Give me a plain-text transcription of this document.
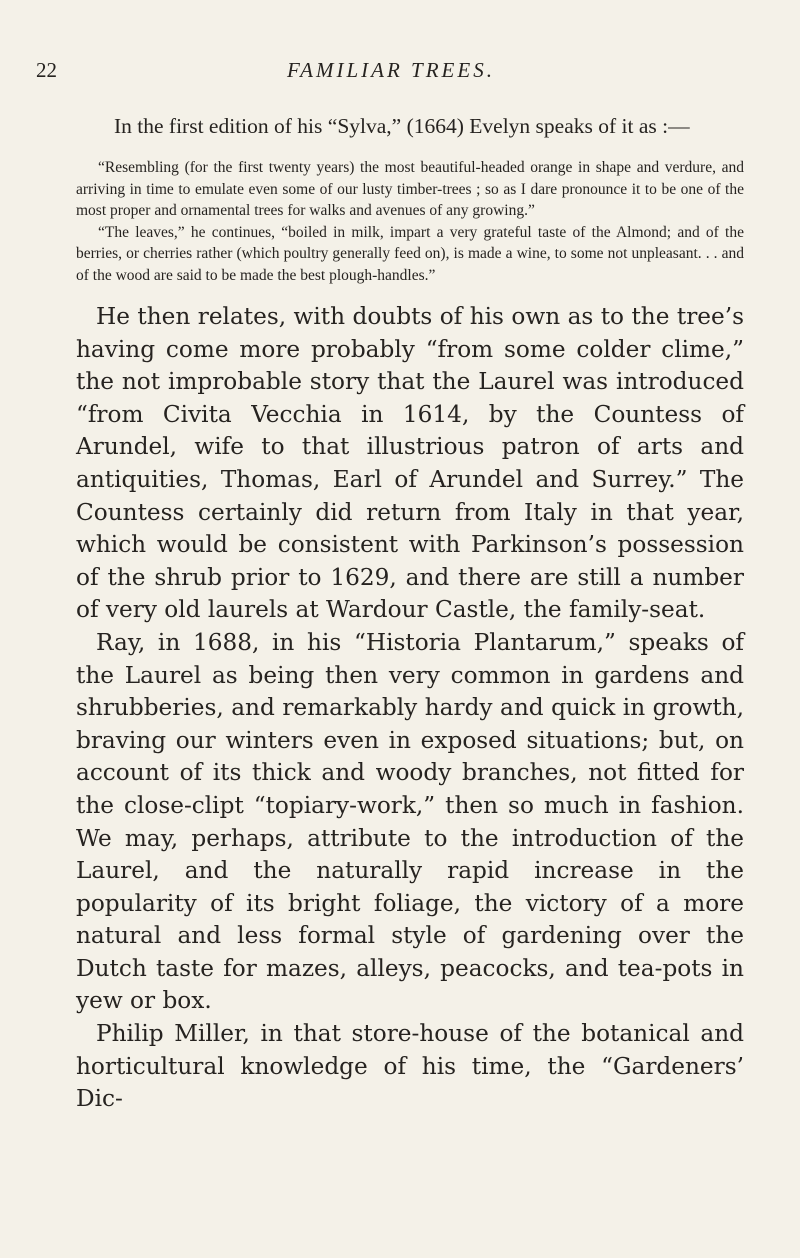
22	FAMILIAR TREES.

In the first edition of his “Sylva,” (1664) Evelyn speaks of it as :—

“Resembling (for the first twenty years) the most beautiful-headed orange in shape and verdure, and arriving in time to emulate even some of our lusty timber-trees ; so as I dare pronounce it to be one of the most proper and ornamental trees for walks and avenues of any growing.”

“The leaves,” he continues, “boiled in milk, impart a very grateful taste of the Almond; and of the berries, or cherries rather (which poultry generally feed on), is made a wine, to some not unpleasant. . . and of the wood are said to be made the best plough-handles.”

He then relates, with doubts of his own as to the tree’s having come more probably “from some colder clime,” the not improbable story that the Laurel was introduced “from Civita Vecchia in 1614, by the Countess of Arundel, wife to that illustrious patron of arts and antiquities, Thomas, Earl of Arundel and Surrey.” The Countess certainly did return from Italy in that year, which would be consistent with Parkinson’s possession of the shrub prior to 1629, and there are still a number of very old laurels at Wardour Castle, the family-seat.

Ray, in 1688, in his “Historia Plantarum,” speaks of the Laurel as being then very common in gardens and shrubberies, and remarkably hardy and quick in growth, braving our winters even in exposed situations; but, on account of its thick and woody branches, not fitted for the close-clipt “topiary-work,” then so much in fashion. We may, perhaps, attribute to the introduction of the Laurel, and the naturally rapid increase in the popularity of its bright foliage, the victory of a more natural and less formal style of gardening over the Dutch taste for mazes, alleys, peacocks, and tea-pots in yew or box.

Philip Miller, in that store-house of the botanical and horticultural knowledge of his time, the “Gardeners’ Dic-
